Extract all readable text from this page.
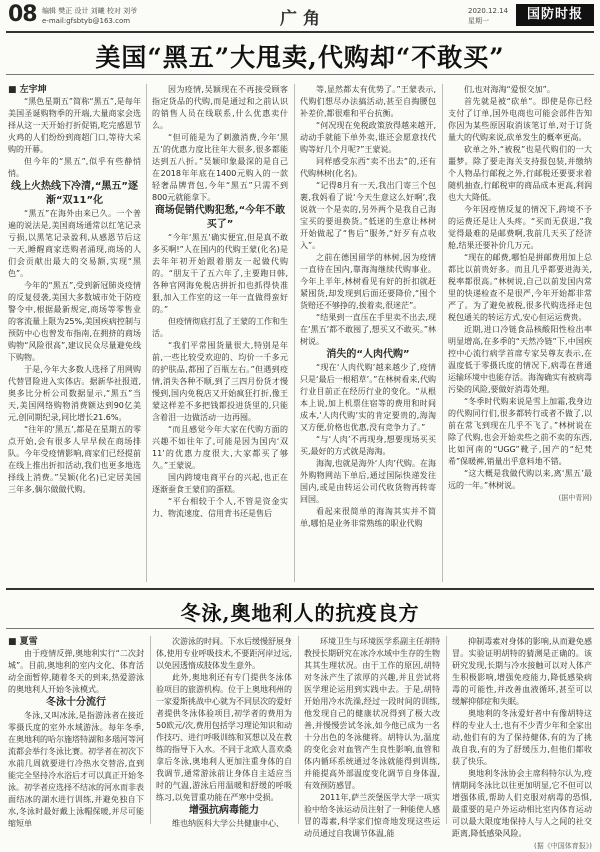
08 编辑 樊正 设计 刘曦 校对 刘爷
e-mail:gfsbtyb@163.com	广 角	2020.12.14
星期一	国防时报
美国“黑五”大甩卖,代购却“不敢买”

■ 左宇坤

“黑色星期五”简称“黑五”,是每年美国圣诞购物季的开端,大量商家会选择从这一天开始打折促销,吃完感恩节火鸡的人们纷纷到商超门口,等待大采购的开幕。

但今年的“黑五”,似乎有些静悄悄。

线上火热线下冷清,“黑五”逐渐“双11”化

“黑五”在海外由来已久。一个普遍的说法是,美国商场通常以红笔记录亏损,以黑笔记录盈利,从感恩节后这一天,睡醒商家迭购者涌现,商场的人们会贡献出最大的交易额,实现“黑色”。

今年的“黑五”,受到新冠肺炎疫情的反复侵袭,美国大多数城市处于防疫警令中,根据最新规定,商场等零售业的客流量上限为25%,美国疾病控制与预防中心也曾发布指南,在拥挤的商场购物“风险很高”,建议民众尽量避免线下购物。

于是,今年大多数人选择了用网购代替冒险进入实体店。据新华社报道,奥多比分析公司数据显示,“黑五”当天,美国网络购物消费额达到90亿美元,创同期纪录,同比增长21.6%。

“往年的‘黑五’,都是在星期五的零点开始,会有很多人早早候在商场排队。今年受疫情影响,商家们已经提前在线上推出折扣活动,我们也更多地选择线上消费。”吴颖(化名)已定居美国三年多,偶尔做做代购。

因为疫情,吴颖现在不再接受顾客指定货品的代购,而是通过和之前认识的销售人员在线联系,什么优惠卖什么。

“但可能是为了刺激消费,今年‘黑五’的优惠力度比往年大很多,很多都能达到五八折。”吴颖印象最深的是自己在2018年年底在1400元购入的一款轻奢品牌背包,今年“黑五”只需不到800元就能拿下。

商场促销代购犯愁,“今年不敢买了”

“今年‘黑五’确实便宜,但是真不敢多买啊!”人在国内的代购王蒙(化名)是去年年初开始跟着朋友一起做代购的。“朋友干了五六年了,主要跑日韩,各种官网海免税店拼折扣也抓得快准狠,加入工作室的这一年一直做得蛮好的。”

但疫情彻底打乱了王蒙的工作和生活。

“我们平常囤货量很大,特别是年前,一些比较受欢迎的、均价一千多元的护肤品,都囤了百瓶左右。”但遇到疫情,消失各种不顺,到了三四月份货才慢慢到,国内免税店又开始疯狂打折,像王蒙这样差不多把钱都投进货里的,只能含着泪一边做活动一边再囤。

“而且感觉今年大家在代购方面的兴趣不如往年了,可能是因为国内‘双11’的优惠力度很大,大家都买了够久。”王蒙说。

国内跨境电商平台的兴起,也正在逐渐蚕食王蒙们的蛋糕。

“平台相较于个人,不管是资金实力、物流速度、信用背书还是售后

等,显然都太有优势了。”王蒙表示,代购们想尽办法搞活动,甚至自掏腰包补差价,都很难和平台抗衡。

“何况现在免税政策放得越来越开,动动手就能下单外卖,谁还会愿意找代购等好几个月呢?”王蒙说。

同样感受东西“卖不出去”的,还有代购林树(化名)。

“记得8月有一天,我出门寄三个包裹,我妈看了说‘今天生意这么好啊’,我说就一个是卖的,另外两个是我自己海宝买的要退换货。”低迷的生意让林树开始做起了“售后”服务,“好歹有点收入”。

之前在德国留学的林树,因为疫情一直待在国内,靠海淘继续代购事业。今年上半年,林树看见有好的折扣就赶紧囤货,却发现到后面还要降价,“囤个货赔还不够挣的,挨着卖,很迷茫”。

“结果到一直压在手里卖不出去,现在‘黑五’都不敢囤了,想买又不敢买。”林树说。

消失的“人肉代购”

“现在‘人肉代购’越来越少了,疫情只是‘最后一根稻草’。”在林树看来,代购行业目前正在经历行业的变化。“从根本上说,加上机票住宿等的费用和时间成本,‘人肉代购’实的肯定要贵的,海淘又方便,价格也优惠,没有竞争力了。”

“与‘人肉’不再现身,想要现场买买买,最好的方式就是海淘。

海淘,也就是海外‘人肉’代购。在海外购物网站下单后,通过国际快递发往国内,或是由转运公司代收货物再转寄回国。

看起来很简单的海淘其实并不简单,哪怕是业务非常熟练的职业代购

们,也对海淘“爱恨交加”。

首先就是被“砍单”。即使是你已经支付了订单,国外电商也可能会部件告知你因为某些原因取消该笔订单,对于订货量大的代购来说,砍单发生的概率更高。

砍单之外,“被税”也是代购们的一大噩梦。除了要走海关支持报包装,并缴纳个人物品行邮税之外,行邮税还要要求着随机抽查,行邮税审的商品成本更高,利润也大大降低。

今年因疫情反复的情况下,跨境不予的运费还是让人头疼。“买而无获退,”我觉得最难的是邮费啊,我前几天买了经济舱,结果还要补价几万元。

“现在的邮费,哪怕是拼邮费用加上总都比以前贵好多。而且几乎都要进海关,税率都很高。”林树说,自己以前发国内常里的快递检查不是很严,今年开始都非常严了。为了避免被税,很多代购选择走包税包通关的转运方式,安心但运运费贵。

近期,进口冷链食品核酸阳性检出率明显增高,在多季的“天然冷链”下,中国疾控中心流行病学首席专家吴尊友表示,在温度低于零摄氏度的情况下,病毒在普通运输环境中也能存活。海淘确实有被病毒污染的风险,要做好消毒处理。

“冬季时代购来说是雪上加霜,我身边的代购同行们,很多都转行或者不做了,以前在常飞到现在几乎不飞了。”林树说在除了代购,也会开始卖些之前不卖的东西,比如河南的“UGG”靴子,国产的“纪梵希”保暖裤,销量出乎意料地不错。

“这大概是我做代购以来,离‘黑五’最远的一年。”林树说。

(据中青网)

冬泳,奥地利人的抗疫良方

■ 夏雪

由于疫情反弹,奥地利实行“二次封城”。目前,奥地利的室内文化、体育活动全面暂停,随着冬天的到来,热爱游泳的奥地利人开始冬泳模式。

冬泳十分流行

冬泳,又叫冰泳,是指游泳者在接近零摄氏度的室外水域游泳。每年冬季,在奥地利的哈尔施塔特湖和多瑙河等河流都会举行冬泳比赛。初学者在初次下水前几周就要进行冷热水交替浴,直到能完全坚持冷水浴后才可以真正开始冬泳。初学者应选择不结冰的河水而非表面结冰的湖水进行训练,并避免独自下水,冬泳时最好戴上泳帽保暖,并尽可能缩短单

次游泳的时间。下水后缓慢舒展身体,使用专业呼吸技术,不要距河岸过远,以免因透惰成肢体发生意外。

此外,奥地利还有专门提供冬泳体验项目的旅游机构。位于上奥地利州的一家爱斯挑战中心就为不同层次的爱好者提供冬泳体验项目,初学者的费用为50欧元/次,费用包括学习理论知识和动作技巧、进行呼吸训练和冥想以及在教练的指导下入水。不同于北欧人喜欢桑拿后冬泳,奥地利人更加注重身体的自我调节,通常游泳前让身体自主适应当时的气温,游泳后用温暖和舒缓的呼吸练习,以免冒重功能在严寒中受损。

增强抗病毒能力

维也纳医科大学公共健康中心、

环境卫生与环境医学系副主任胡特教授长期研究在冰冷水域中生存的生物其其生理状况。由于工作的原因,胡特对冬泳产生了浓厚的兴趣,并且尝试将医学理论运用到实践中去。于是,胡特开始用冷水洗澡,经过一段时间的训练,他发现自己的健康状况得到了极大改善,并慢慢尝试冬泳,如今他已成为一名十分出色的冬泳健将。胡特认为,温度的变化会对血管产生良性影响,血管和体内循环系统通过冬泳就能得到训练,并能提高外部温度变化调节自身体温,有效预防感冒。

2011年,萨兰茨堡医学大学一项实验中给冬泳运动员注射了一种能使人感冒的毒素,科学家们惊奇地发现这些运动员通过自我调节体温,能

抑制毒素对身体的影响,从而避免感冒。实验证明胡特的猜测是正确的。该研究发现,长期与冷水接触可以对人体产生积极影响,增强免疫能力,降低感染病毒的可能性,并改善血液循环,甚至可以缓解抑郁症和失眠。

奥地利的冬泳爱好者中有像胡特这样的专业人士,也有不少青少年和全家出动,他们有的为了保持健体,有的为了挑战自我,有的为了舒缓压力,但他们都收获了快乐。

奥地利冬泳协会主席科特尔认为,疫情期间冬泳比以往更加明显,它不但可以增强体质,帮助人们克服对病毒的恐惧,最重要的是户外运动相比室内体育运动可以最大限度地保持人与人之间的社交距离,降低感染风险。

(据《中国体育报》)
